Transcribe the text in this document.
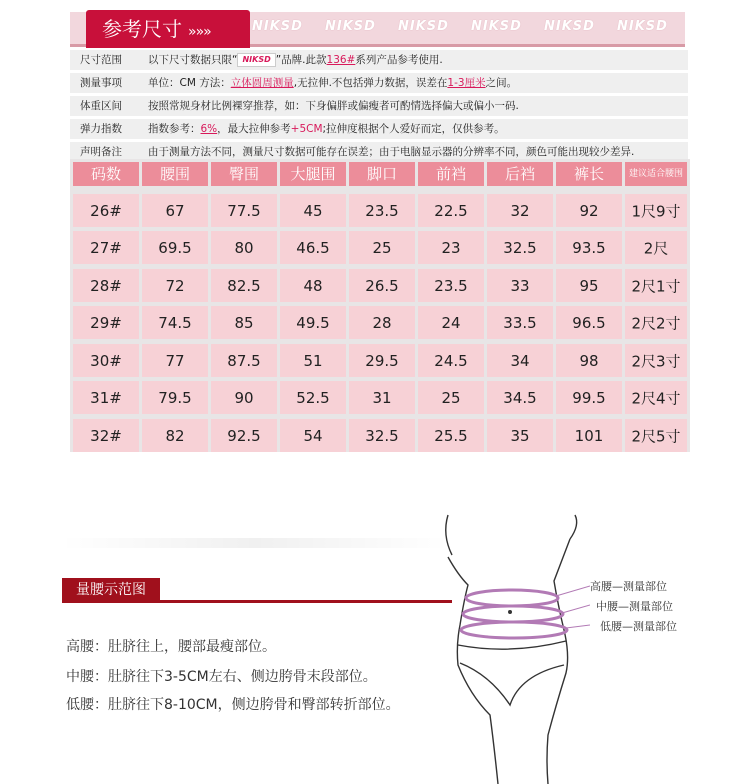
参考尺寸 »»»	NIKSD NIKSD NIKSD NIKSD NIKSD NIKSD
尺寸范围	以下尺寸数据只限“ NIKSD ”品牌.此款136#系列产品参考使用.
测量事项	单位：CM 方法：立体圆周测量,无拉伸.不包括弹力数据，误差在1-3厘米之间。
体重区间	按照常规身材比例裸穿推荐，如：下身偏胖或偏瘦者可酌情选择偏大或偏小一码.
弹力指数	指数参考：6%，最大拉伸参考+5CM;拉伸度根据个人爱好而定，仅供参考。
声明备注	由于测量方法不同，测量尺寸数据可能存在误差；由于电脑显示器的分辨率不同，颜色可能出现较少差异.
码数	腰围	臀围	大腿围	脚口	前裆	后裆	裤长	建议适合腰围
26#	67	77.5	45	23.5	22.5	32	92	1尺9寸
27#	69.5	80	46.5	25	23	32.5	93.5	2尺
28#	72	82.5	48	26.5	23.5	33	95	2尺1寸
29#	74.5	85	49.5	28	24	33.5	96.5	2尺2寸
30#	77	87.5	51	29.5	24.5	34	98	2尺3寸
31#	79.5	90	52.5	31	25	34.5	99.5	2尺4寸
32#	82	92.5	54	32.5	25.5	35	101	2尺5寸
量腰示范图
高腰：肚脐往上，腰部最瘦部位。
中腰：肚脐往下3-5CM左右、侧边胯骨末段部位。
低腰：肚脐往下8-10CM，侧边胯骨和臀部转折部位。
高腰—测量部位
中腰—测量部位
低腰—测量部位
